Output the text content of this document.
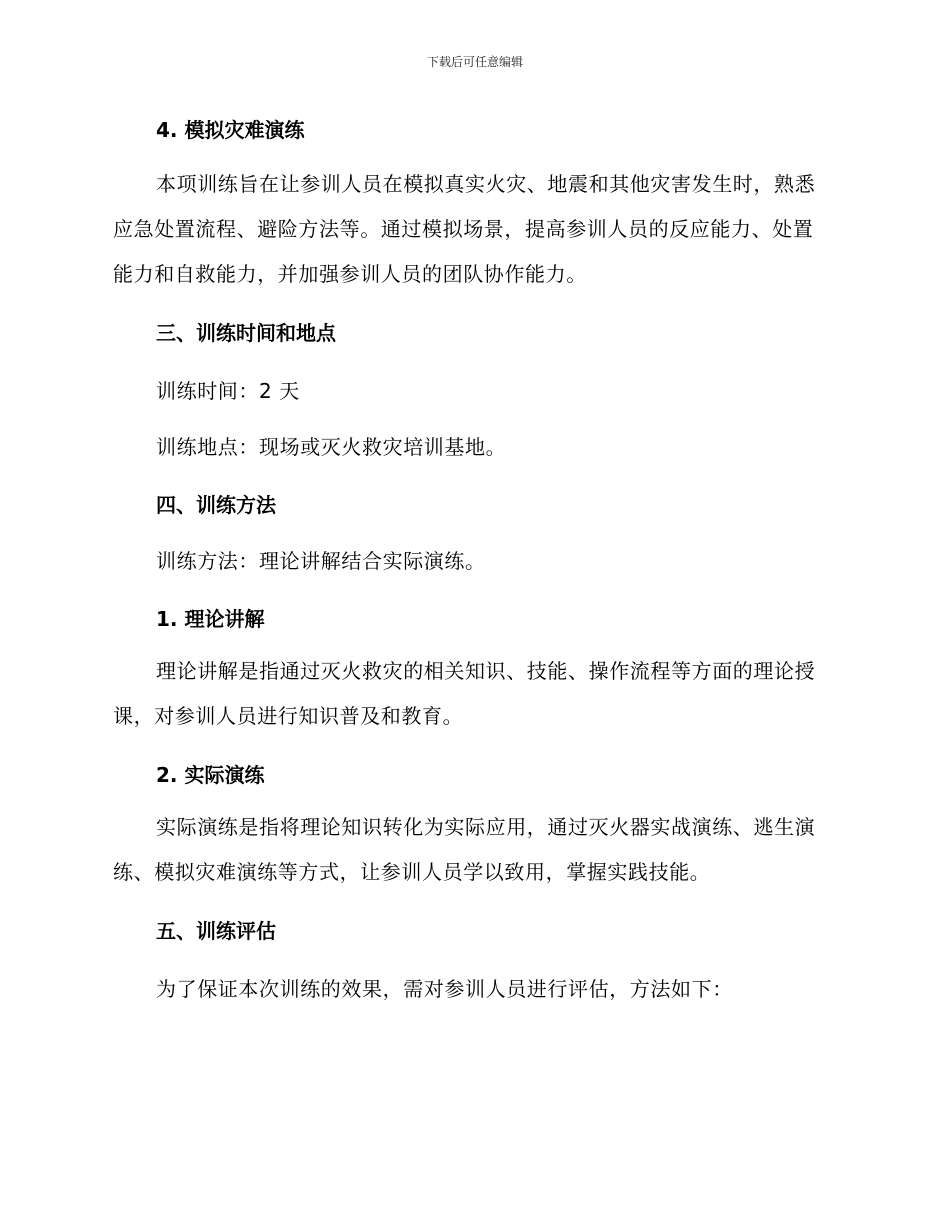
下载后可任意编辑
4. 模拟灾难演练

本项训练旨在让参训人员在模拟真实火灾、地震和其他灾害发生时，熟悉应急处置流程、避险方法等。通过模拟场景，提高参训人员的反应能力、处置能力和自救能力，并加强参训人员的团队协作能力。

三、训练时间和地点

训练时间：2 天

训练地点：现场或灭火救灾培训基地。

四、训练方法

训练方法：理论讲解结合实际演练。

1. 理论讲解

理论讲解是指通过灭火救灾的相关知识、技能、操作流程等方面的理论授课，对参训人员进行知识普及和教育。

2. 实际演练

实际演练是指将理论知识转化为实际应用，通过灭火器实战演练、逃生演练、模拟灾难演练等方式，让参训人员学以致用，掌握实践技能。

五、训练评估

为了保证本次训练的效果，需对参训人员进行评估，方法如下：
